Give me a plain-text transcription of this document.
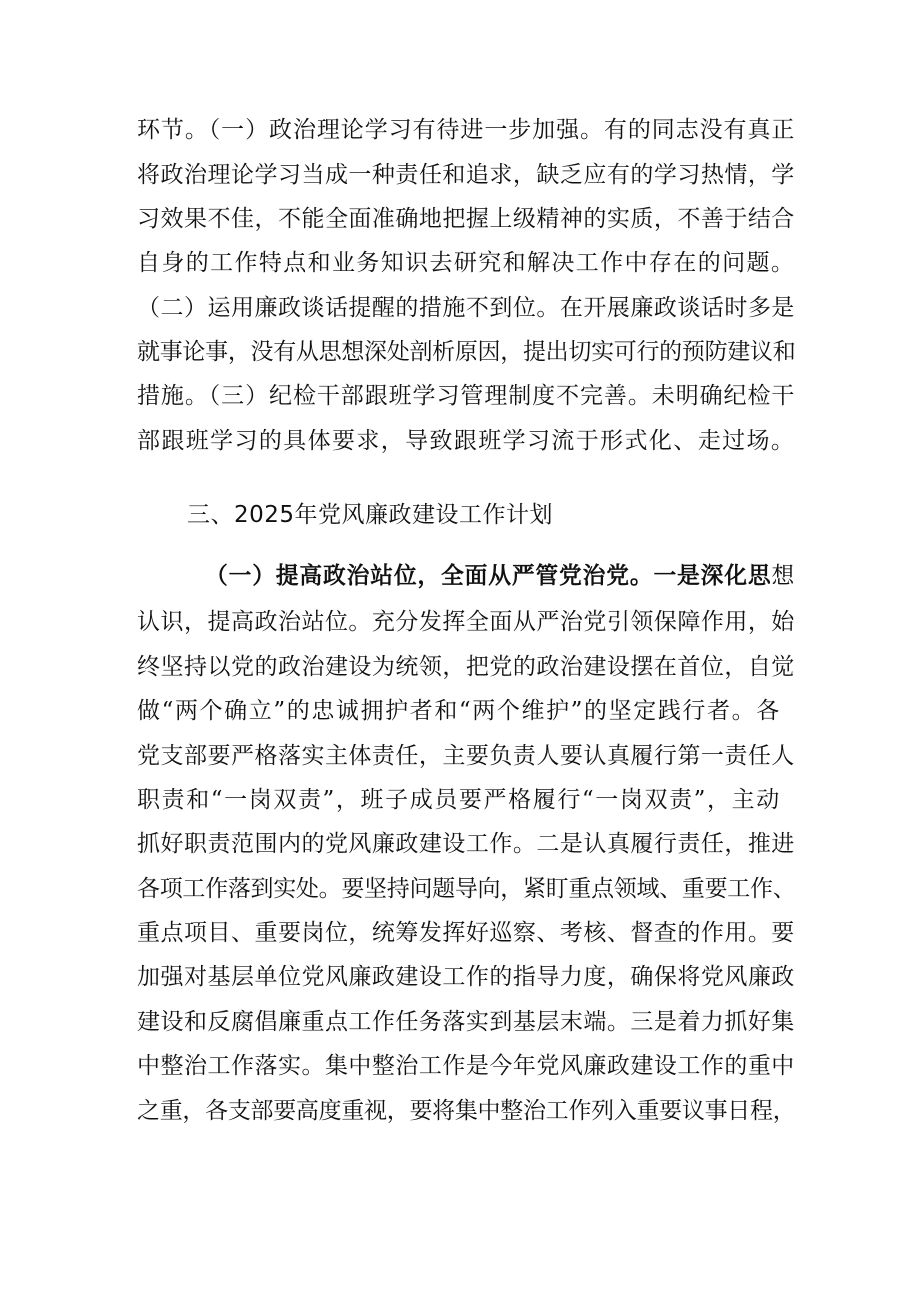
环节。（一）政治理论学习有待进一步加强。有的同志没有真正
将政治理论学习当成一种责任和追求，缺乏应有的学习热情，学
习效果不佳，不能全面准确地把握上级精神的实质，不善于结合
自身的工作特点和业务知识去研究和解决工作中存在的问题。
（二）运用廉政谈话提醒的措施不到位。在开展廉政谈话时多是
就事论事，没有从思想深处剖析原因，提出切实可行的预防建议和
措施。（三）纪检干部跟班学习管理制度不完善。未明确纪检干
部跟班学习的具体要求，导致跟班学习流于形式化、走过场。
三、2025年党风廉政建设工作计划
（一）提高政治站位，全面从严管党治党。一是深化思想
认识，提高政治站位。充分发挥全面从严治党引领保障作用，始
终坚持以党的政治建设为统领，把党的政治建设摆在首位，自觉
做“两个确立”的忠诚拥护者和“两个维护”的坚定践行者。各
党支部要严格落实主体责任，主要负责人要认真履行第一责任人
职责和“一岗双责”，班子成员要严格履行“一岗双责”，主动
抓好职责范围内的党风廉政建设工作。二是认真履行责任，推进
各项工作落到实处。要坚持问题导向，紧盯重点领域、重要工作、
重点项目、重要岗位，统筹发挥好巡察、考核、督查的作用。要
加强对基层单位党风廉政建设工作的指导力度，确保将党风廉政
建设和反腐倡廉重点工作任务落实到基层末端。三是着力抓好集
中整治工作落实。集中整治工作是今年党风廉政建设工作的重中
之重，各支部要高度重视，要将集中整治工作列入重要议事日程，
